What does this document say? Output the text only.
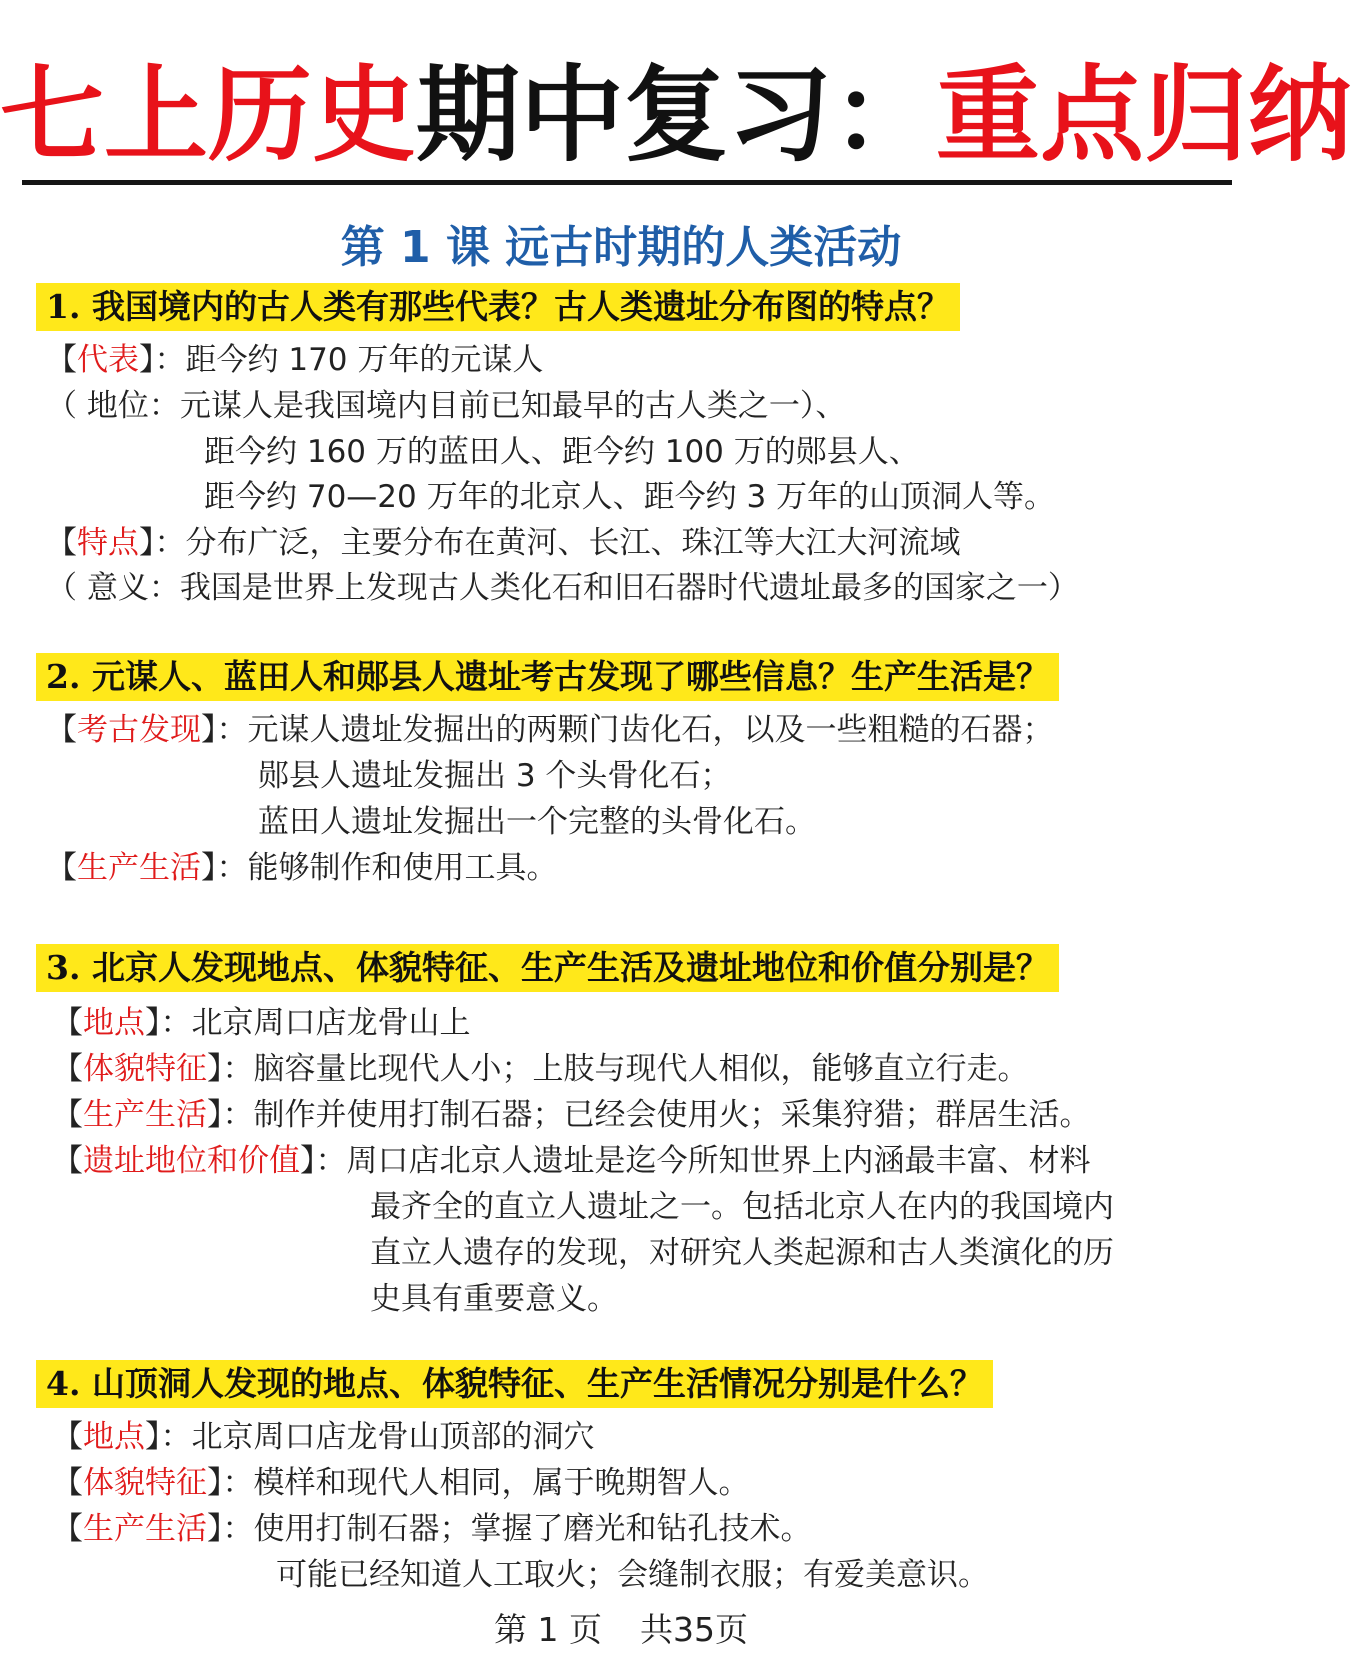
七上历史期中复习：重点归纳
第 1 课 远古时期的人类活动
1. 我国境内的古人类有那些代表？古人类遗址分布图的特点？
【代表】：距今约 170 万年的元谋人
（ 地位：元谋人是我国境内目前已知最早的古人类之一）、
距今约 160 万的蓝田人、距今约 100 万的郧县人、
距今约 70—20 万年的北京人、距今约 3 万年的山顶洞人等。
【特点】：分布广泛，主要分布在黄河、长江、珠江等大江大河流域
（ 意义：我国是世界上发现古人类化石和旧石器时代遗址最多的国家之一）
2. 元谋人、蓝田人和郧县人遗址考古发现了哪些信息？生产生活是？
【考古发现】：元谋人遗址发掘出的两颗门齿化石，以及一些粗糙的石器；
郧县人遗址发掘出 3 个头骨化石；
蓝田人遗址发掘出一个完整的头骨化石。
【生产生活】：能够制作和使用工具。
3. 北京人发现地点、体貌特征、生产生活及遗址地位和价值分别是？
【地点】：北京周口店龙骨山上
【体貌特征】：脑容量比现代人小；上肢与现代人相似，能够直立行走。
【生产生活】：制作并使用打制石器；已经会使用火；采集狩猎；群居生活。
【遗址地位和价值】：周口店北京人遗址是迄今所知世界上内涵最丰富、材料
最齐全的直立人遗址之一。包括北京人在内的我国境内
直立人遗存的发现，对研究人类起源和古人类演化的历
史具有重要意义。
4. 山顶洞人发现的地点、体貌特征、生产生活情况分别是什么？
【地点】：北京周口店龙骨山顶部的洞穴
【体貌特征】：模样和现代人相同，属于晚期智人。
【生产生活】：使用打制石器；掌握了磨光和钻孔技术。
可能已经知道人工取火；会缝制衣服；有爱美意识。
第 1 页 共35页
